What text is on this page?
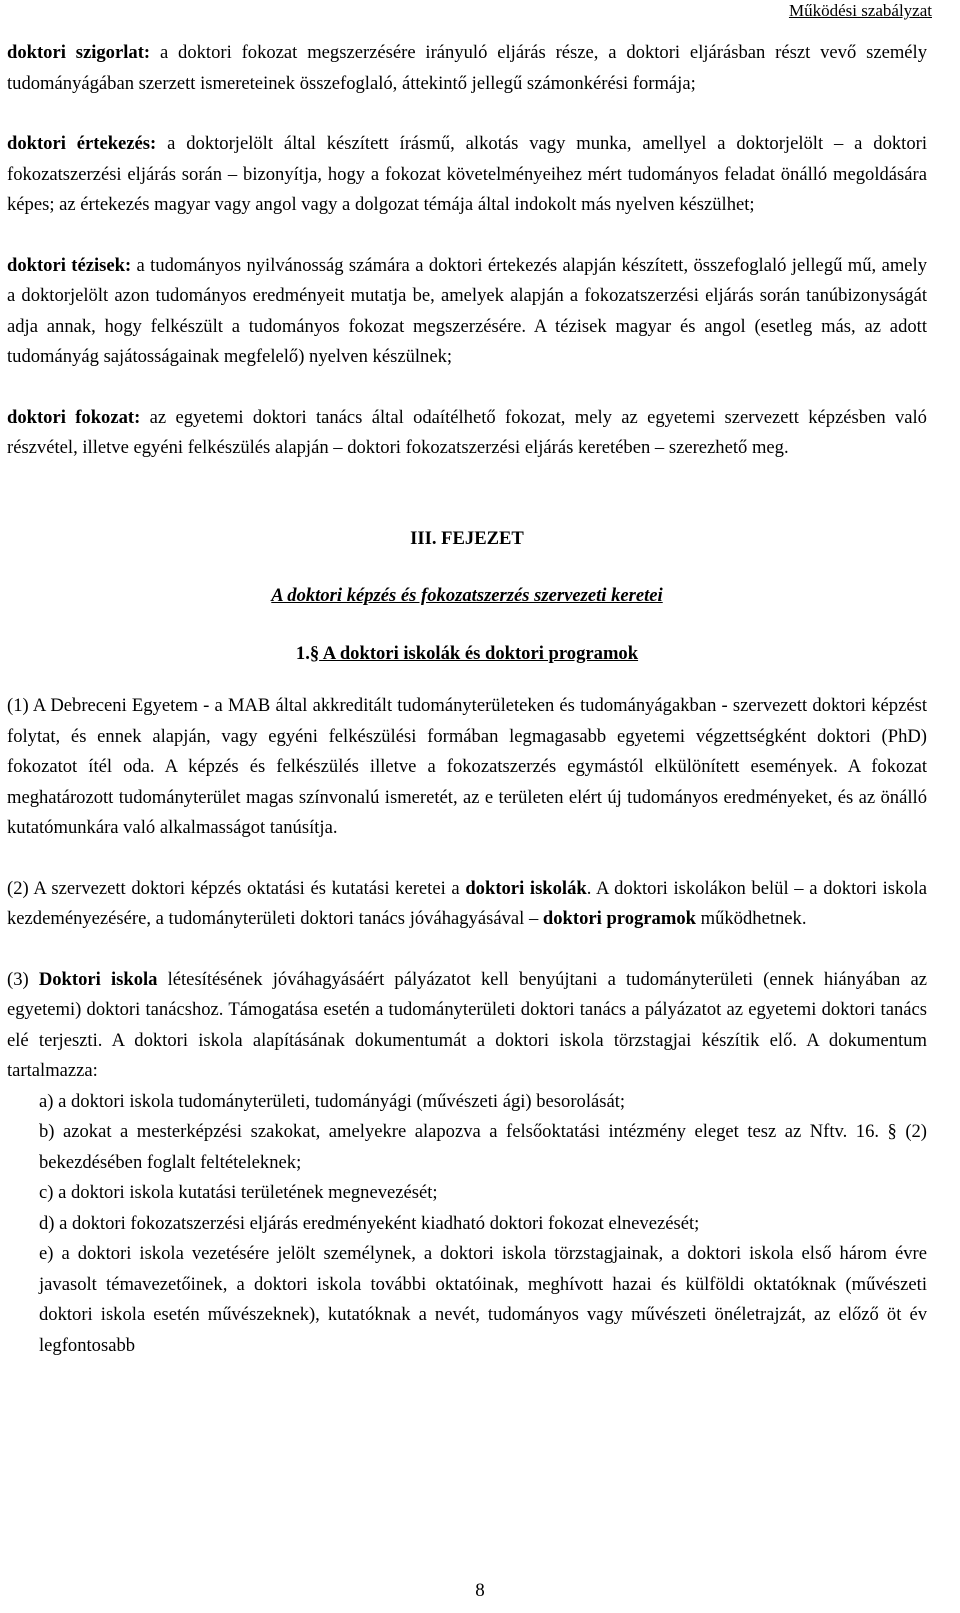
Működési szabályzat

doktori szigorlat: a doktori fokozat megszerzésére irányuló eljárás része, a doktori eljárásban részt vevő személy tudományágában szerzett ismereteinek összefoglaló, áttekintő jellegű számonkérési formája;

doktori értekezés: a doktorjelölt által készített írásmű, alkotás vagy munka, amellyel a doktorjelölt – a doktori fokozatszerzési eljárás során – bizonyítja, hogy a fokozat követelményeihez mért tudományos feladat önálló megoldására képes; az értekezés magyar vagy angol vagy a dolgozat témája által indokolt más nyelven készülhet;

doktori tézisek: a tudományos nyilvánosság számára a doktori értekezés alapján készített, összefoglaló jellegű mű, amely a doktorjelölt azon tudományos eredményeit mutatja be, amelyek alapján a fokozatszerzési eljárás során tanúbizonyságát adja annak, hogy felkészült a tudományos fokozat megszerzésére. A tézisek magyar és angol (esetleg más, az adott tudományág sajátosságainak megfelelő) nyelven készülnek;

doktori fokozat: az egyetemi doktori tanács által odaítélhető fokozat, mely az egyetemi szervezett képzésben való részvétel, illetve egyéni felkészülés alapján – doktori fokozatszerzési eljárás keretében – szerezhető meg.

III. FEJEZET
A doktori képzés és fokozatszerzés szervezeti keretei
1.§ A doktori iskolák és doktori programok

(1) A Debreceni Egyetem - a MAB által akkreditált tudományterületeken és tudományágakban - szervezett doktori képzést folytat, és ennek alapján, vagy egyéni felkészülési formában legmagasabb egyetemi végzettségként doktori (PhD) fokozatot ítél oda. A képzés és felkészülés illetve a fokozatszerzés egymástól elkülönített események. A fokozat meghatározott tudományterület magas színvonalú ismeretét, az e területen elért új tudományos eredményeket, és az önálló kutatómunkára való alkalmasságot tanúsítja.

(2) A szervezett doktori képzés oktatási és kutatási keretei a doktori iskolák. A doktori iskolákon belül – a doktori iskola kezdeményezésére, a tudományterületi doktori tanács jóváhagyásával – doktori programok működhetnek.

(3) Doktori iskola létesítésének jóváhagyásáért pályázatot kell benyújtani a tudományterületi (ennek hiányában az egyetemi) doktori tanácshoz. Támogatása esetén a tudományterületi doktori tanács a pályázatot az egyetemi doktori tanács elé terjeszti. A doktori iskola alapításának dokumentumát a doktori iskola törzstagjai készítik elő. A dokumentum tartalmazza:

a) a doktori iskola tudományterületi, tudományági (művészeti ági) besorolását;

b) azokat a mesterképzési szakokat, amelyekre alapozva a felsőoktatási intézmény eleget tesz az Nftv. 16. § (2) bekezdésében foglalt feltételeknek;

c) a doktori iskola kutatási területének megnevezését;

d) a doktori fokozatszerzési eljárás eredményeként kiadható doktori fokozat elnevezését;

e) a doktori iskola vezetésére jelölt személynek, a doktori iskola törzstagjainak, a doktori iskola első három évre javasolt témavezetőinek, a doktori iskola további oktatóinak, meghívott hazai és külföldi oktatóknak (művészeti doktori iskola esetén művészeknek), kutatóknak a nevét, tudományos vagy művészeti önéletrajzát, az előző öt év legfontosabb

8
